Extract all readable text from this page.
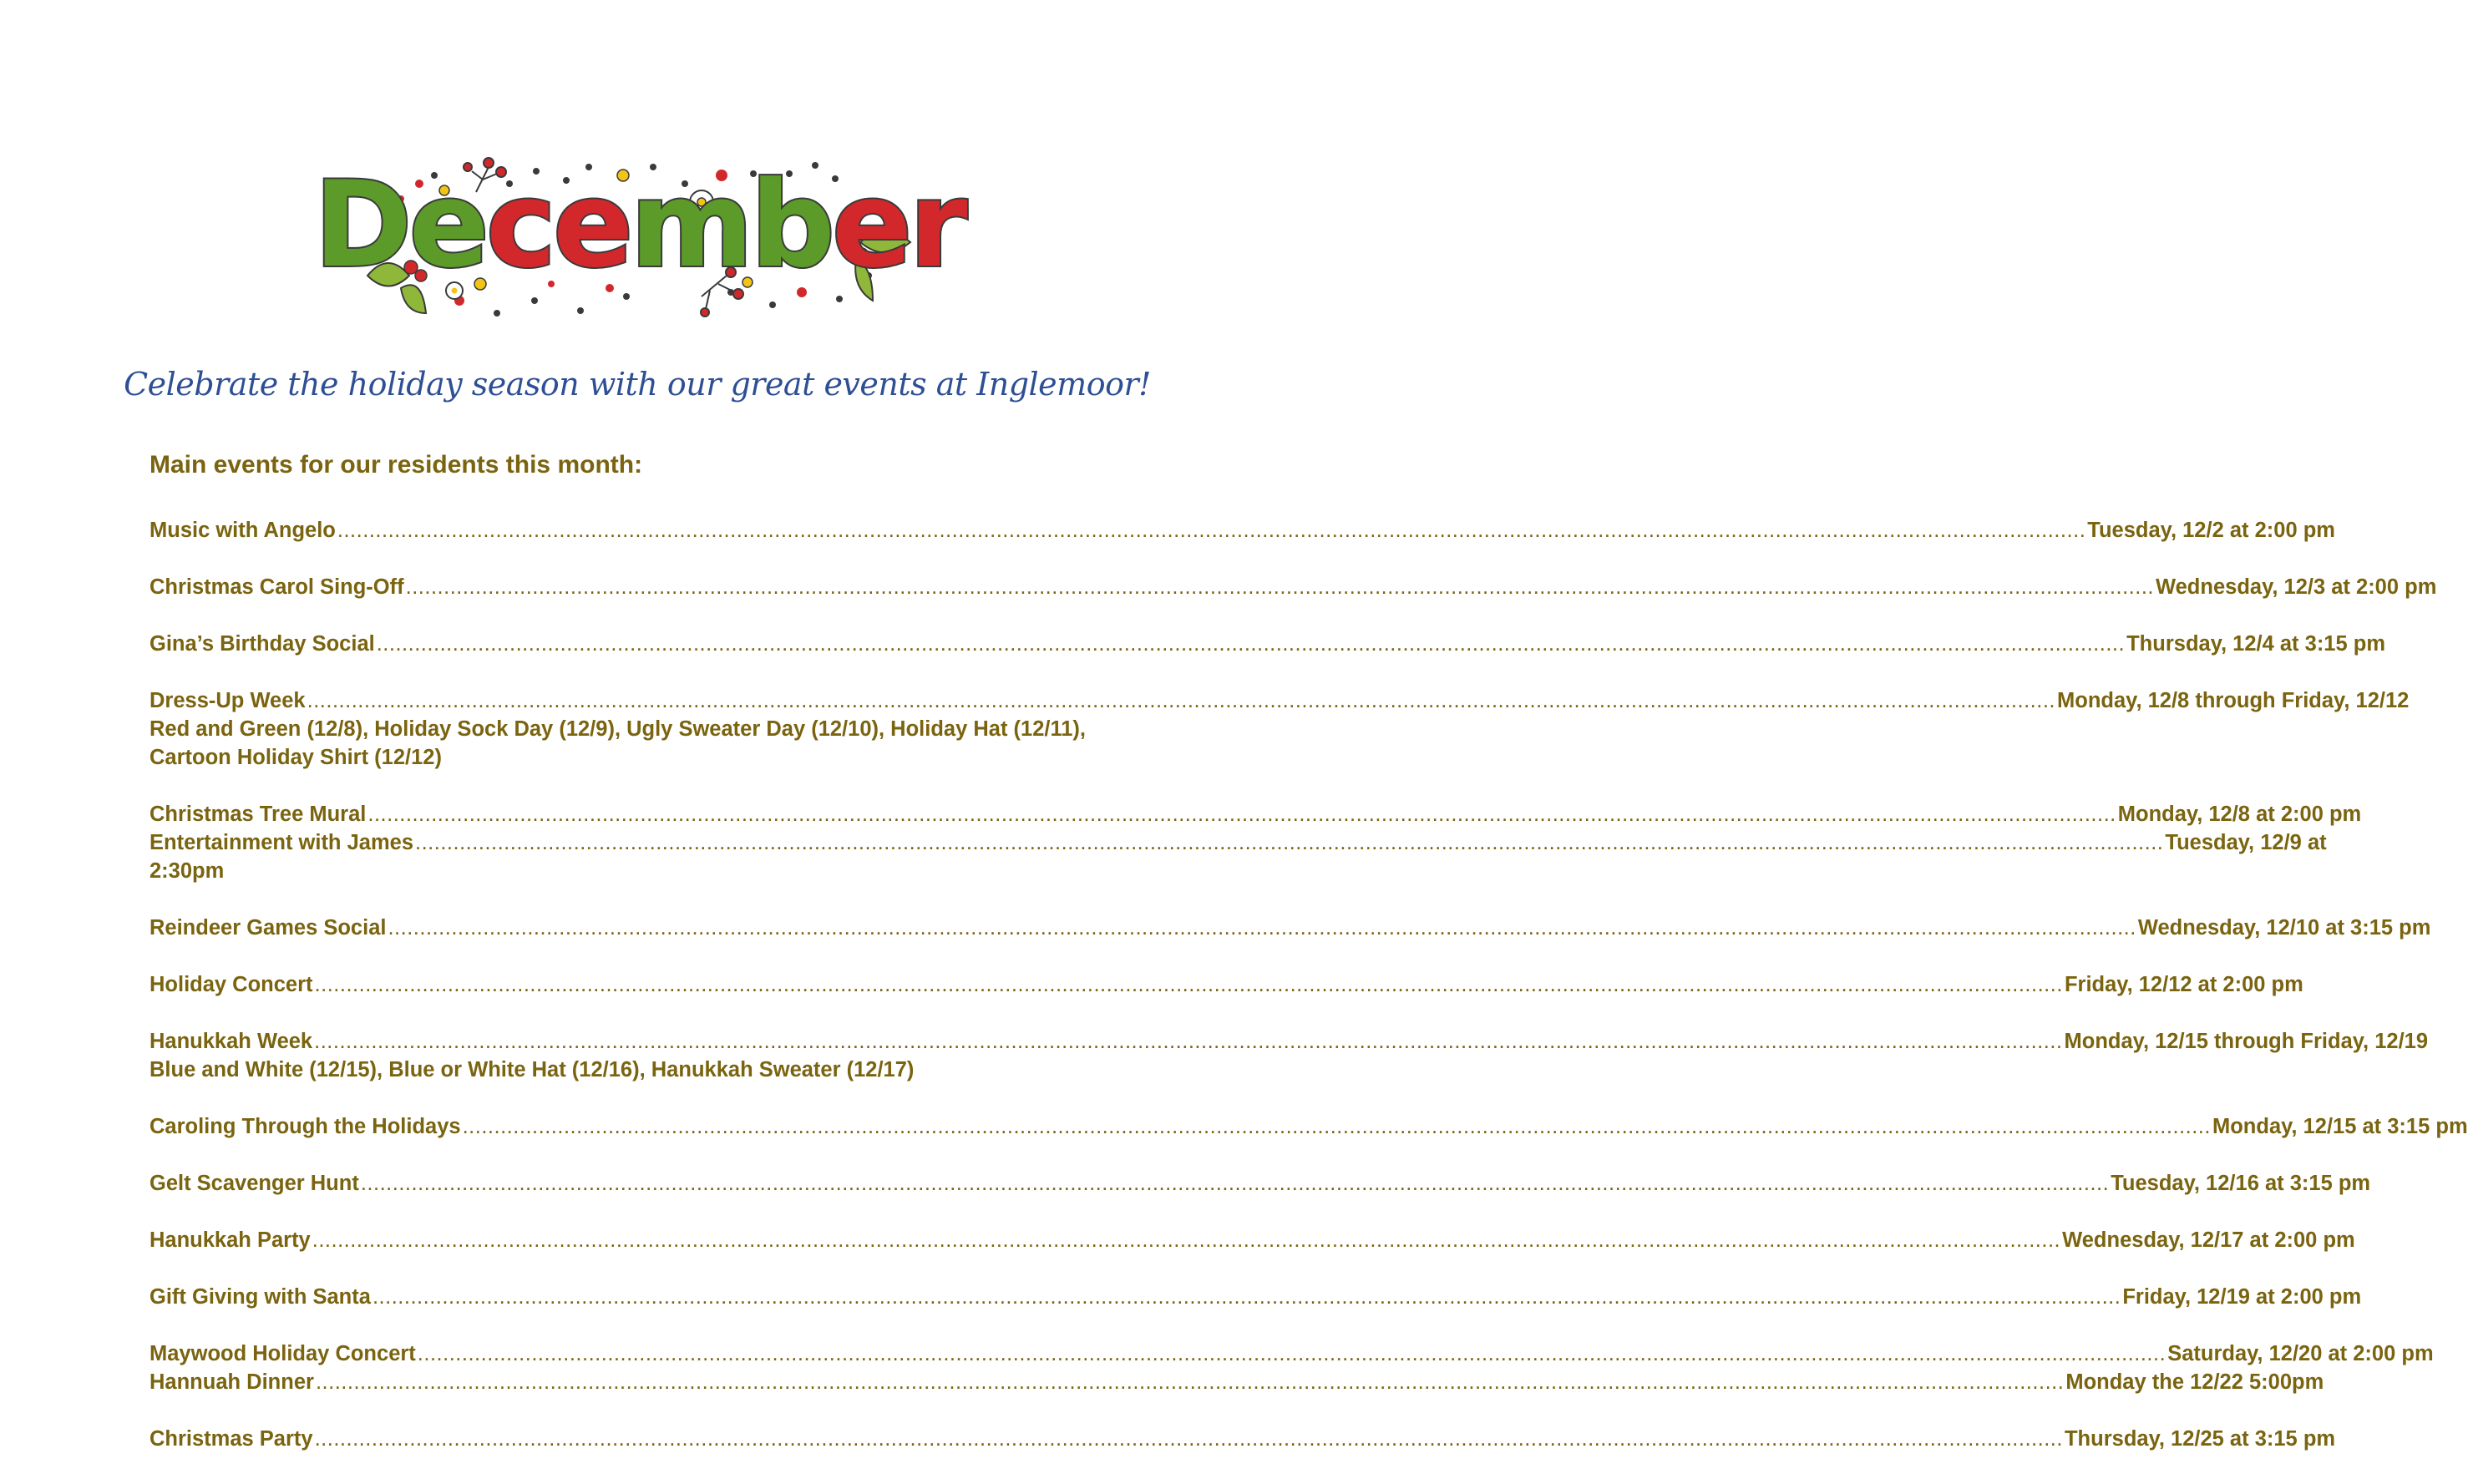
December
Celebrate the holiday season with our great events at Inglemoor!
Main events for our residents this month:
Music with Angelo .....	Tuesday, 12/2 at 2:00 pm
Christmas Carol Sing-Off .....	Wednesday, 12/3 at 2:00 pm
Gina’s Birthday Social .....	Thursday, 12/4 at 3:15 pm
Dress-Up Week .....	Monday, 12/8 through Friday, 12/12
Red and Green (12/8), Holiday Sock Day (12/9), Ugly Sweater Day (12/10), Holiday Hat (12/11), Cartoon Holiday Shirt (12/12)
Christmas Tree Mural .....	Monday, 12/8 at 2:00 pm
Entertainment with James .....	Tuesday, 12/9 at
2:30pm
Reindeer Games Social .....	Wednesday, 12/10 at 3:15 pm
Holiday Concert .....	Friday, 12/12 at 2:00 pm
Hanukkah Week .....	Monday, 12/15 through Friday, 12/19
Blue and White (12/15), Blue or White Hat (12/16), Hanukkah Sweater (12/17)
Caroling Through the Holidays .....	Monday, 12/15 at 3:15 pm
Gelt Scavenger Hunt .....	Tuesday, 12/16 at 3:15 pm
Hanukkah Party .....	Wednesday, 12/17 at 2:00 pm
Gift Giving with Santa .....	Friday, 12/19 at 2:00 pm
Maywood Holiday Concert .....	Saturday, 12/20 at 2:00 pm
Hannuah Dinner .....	Monday the 12/22 5:00pm
Christmas Party .....	Thursday, 12/25 at 3:15 pm
